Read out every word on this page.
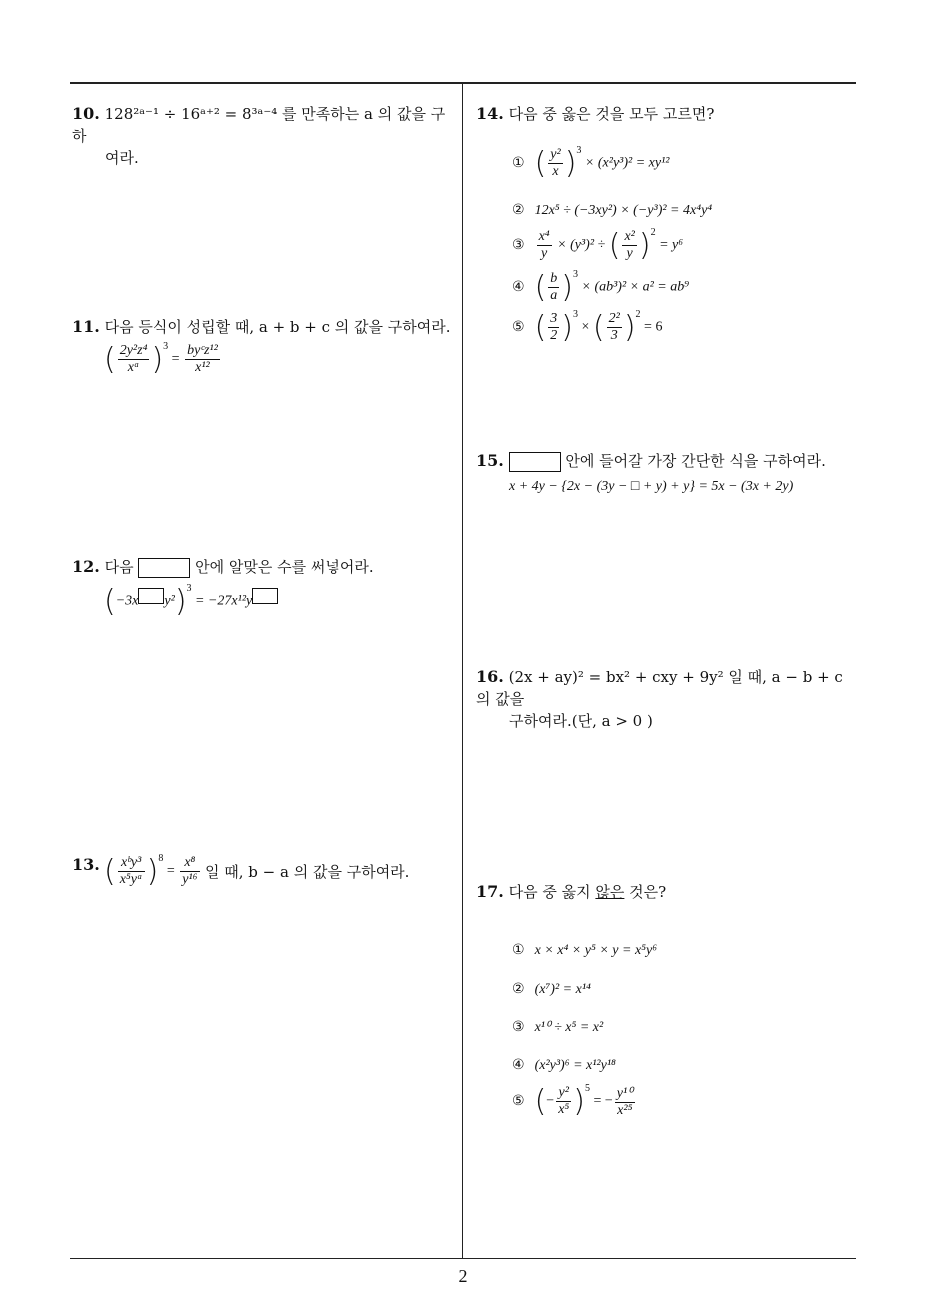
10. 128²ᵃ⁻¹ ÷ 16ᵃ⁺² = 8³ᵃ⁻⁴ 를 만족하는 a 의 값을 구하
여라.
11. 다음 등식이 성립할 때, a + b + c 의 값을 구하여라.
( $\frac{\text{2y²z⁴}}{\text{xᵃ}} )^3 = \frac{\text{byᶜz¹²}}{\text{x¹²}}$
12. 다음	안에 알맞은 수를 써넣어라.
(−3x y²)$^3$ = −27x¹²y
13. ( $\frac{\text{xᵇy³}}{\text{x⁵yᵃ}} )^8 = \frac{\text{x⁸}}{\text{y¹⁶}}$ 일 때, b − a 의 값을 구하여라.
14. 다음 중 옳은 것을 모두 고르면?
① ( $\frac{\text{y²}}{x} )^3 \times (x^2y^3)^2 = xy^{12}$
② 12x⁵ ÷ (−3xy²) × (−y³)² = 4x⁴y⁴
③ $\frac{\text{x⁴}}{y} \times (y^3)^2$ ÷ ( $\frac{\text{x²}}{y} )^2 = y^6$
④ ( $\frac{b}{a} )^3 \times (ab^3)^2 \times a^2 = ab^9$
⑤ ( $\frac{3}{2} )^3$ × ( $\frac{\text{2²}}{3} )^2 = 6$
15.	안에 들어갈 가장 간단한 식을 구하여라.
x + 4y − {2x − (3y − □ + y) + y} = 5x − (3x + 2y)
16. (2x + ay)² = bx² + cxy + 9y² 일 때, a − b + c 의 값을
구하여라.(단, a > 0 )
17. 다음 중 옳지 않은 것은?
① x × x⁴ × y⁵ × y = x⁵y⁶
② (x⁷)² = x¹⁴
③ x¹⁰ ÷ x⁵ = x²
④ (x²y³)⁶ = x¹²y¹⁸
⑤ (− $\frac{\text{y²}}{\text{x⁵}} )^5$ = − $\frac{\text{y¹⁰}}{\text{x²⁵}}$
2
